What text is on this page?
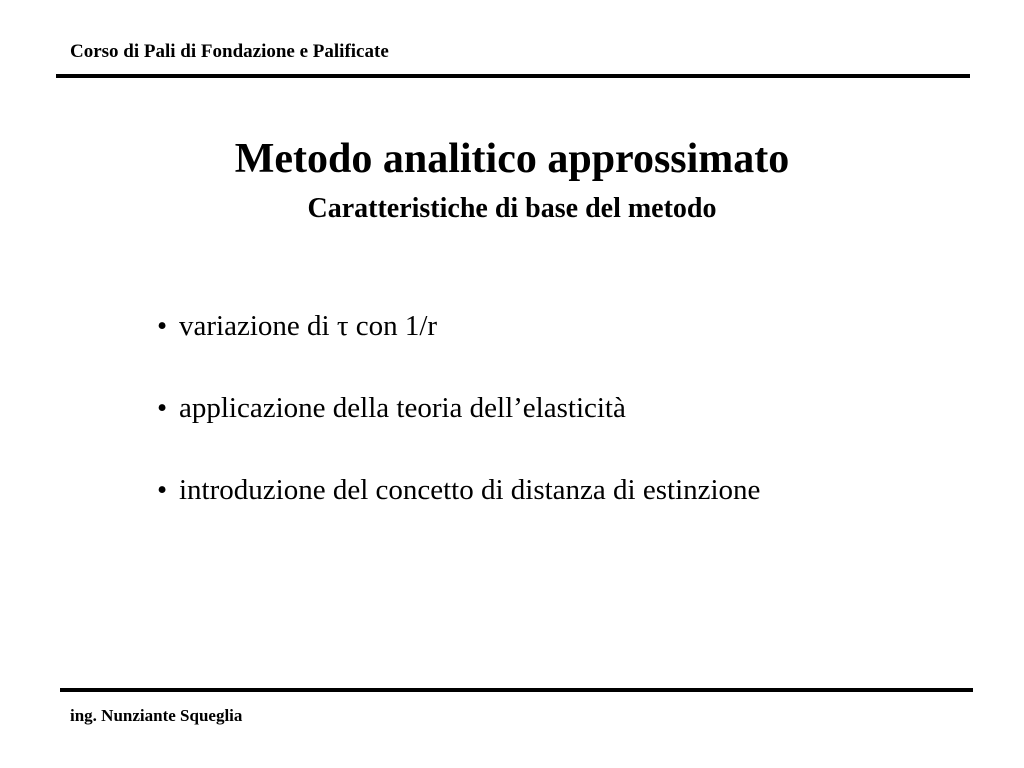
Corso di Pali di Fondazione e Palificate
Metodo analitico approssimato
Caratteristiche di base del metodo
• variazione di τ con 1/r
• applicazione della teoria dell’elasticità
• introduzione del concetto di distanza di estinzione
ing. Nunziante Squeglia
